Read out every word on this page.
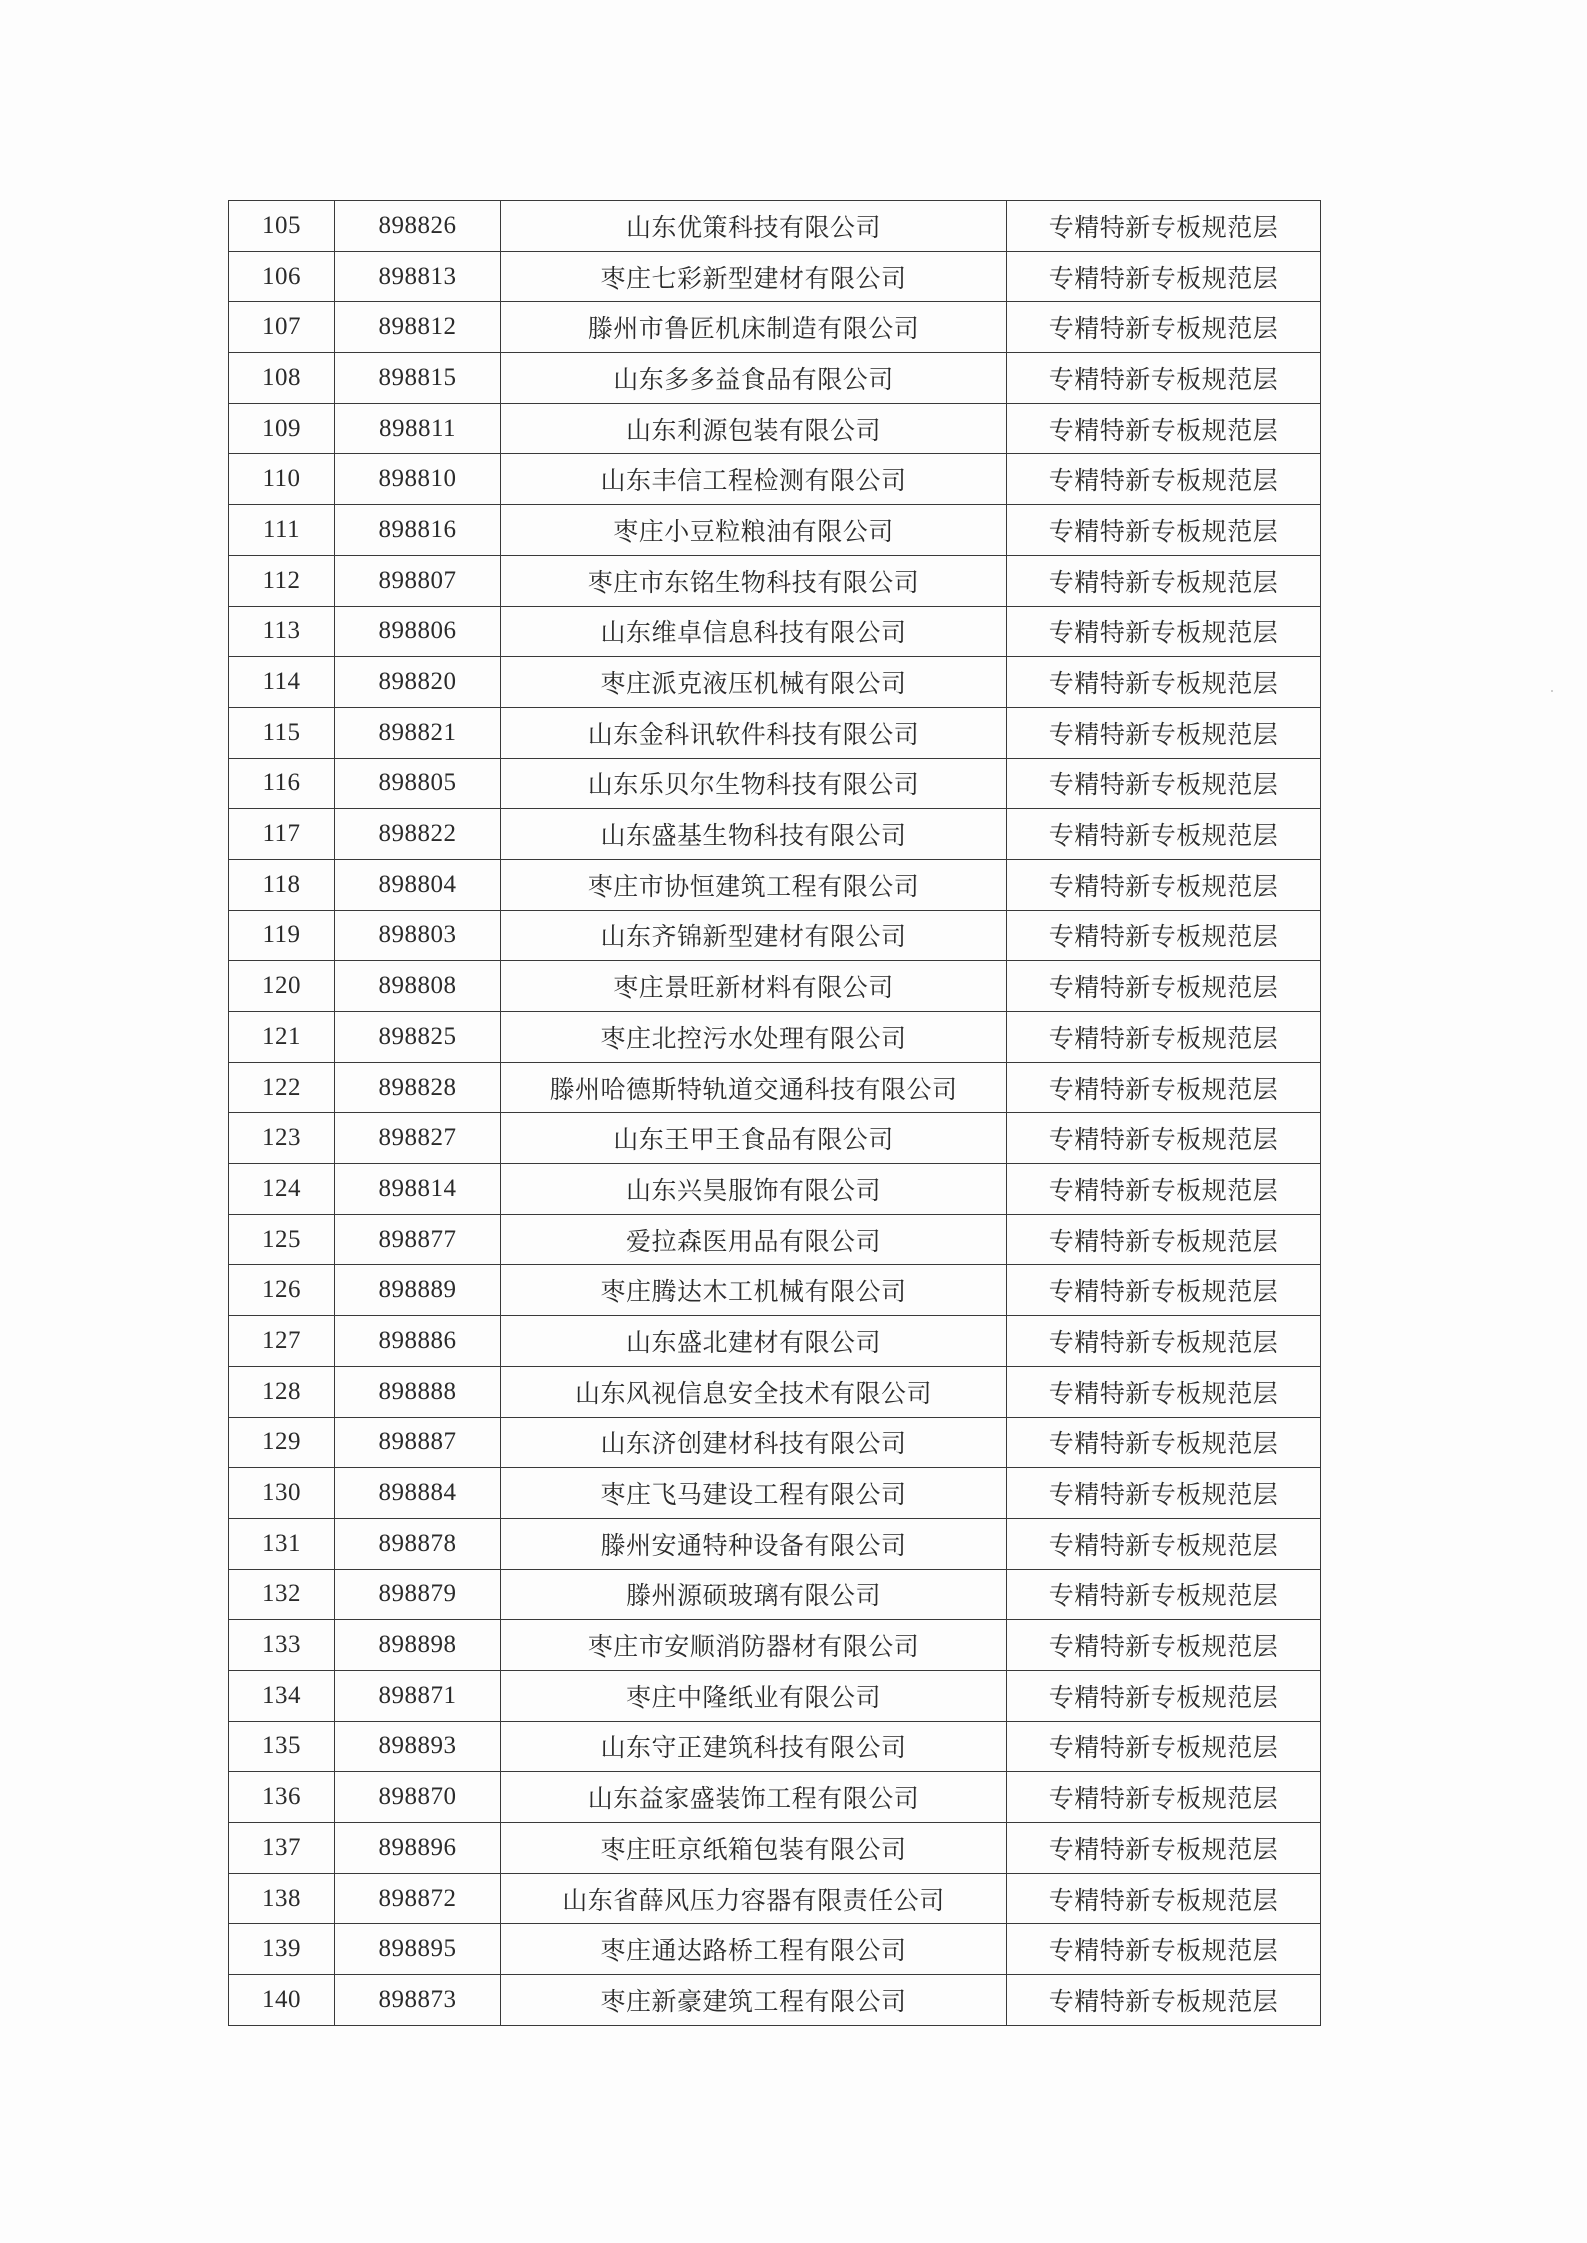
105	898826	山东优策科技有限公司	专精特新专板规范层
106	898813	枣庄七彩新型建材有限公司	专精特新专板规范层
107	898812	滕州市鲁匠机床制造有限公司	专精特新专板规范层
108	898815	山东多多益食品有限公司	专精特新专板规范层
109	898811	山东利源包装有限公司	专精特新专板规范层
110	898810	山东丰信工程检测有限公司	专精特新专板规范层
111	898816	枣庄小豆粒粮油有限公司	专精特新专板规范层
112	898807	枣庄市东铭生物科技有限公司	专精特新专板规范层
113	898806	山东维卓信息科技有限公司	专精特新专板规范层
114	898820	枣庄派克液压机械有限公司	专精特新专板规范层
115	898821	山东金科讯软件科技有限公司	专精特新专板规范层
116	898805	山东乐贝尔生物科技有限公司	专精特新专板规范层
117	898822	山东盛基生物科技有限公司	专精特新专板规范层
118	898804	枣庄市协恒建筑工程有限公司	专精特新专板规范层
119	898803	山东齐锦新型建材有限公司	专精特新专板规范层
120	898808	枣庄景旺新材料有限公司	专精特新专板规范层
121	898825	枣庄北控污水处理有限公司	专精特新专板规范层
122	898828	滕州哈德斯特轨道交通科技有限公司	专精特新专板规范层
123	898827	山东王甲王食品有限公司	专精特新专板规范层
124	898814	山东兴昊服饰有限公司	专精特新专板规范层
125	898877	爱拉森医用品有限公司	专精特新专板规范层
126	898889	枣庄腾达木工机械有限公司	专精特新专板规范层
127	898886	山东盛北建材有限公司	专精特新专板规范层
128	898888	山东风视信息安全技术有限公司	专精特新专板规范层
129	898887	山东济创建材科技有限公司	专精特新专板规范层
130	898884	枣庄飞马建设工程有限公司	专精特新专板规范层
131	898878	滕州安通特种设备有限公司	专精特新专板规范层
132	898879	滕州源硕玻璃有限公司	专精特新专板规范层
133	898898	枣庄市安顺消防器材有限公司	专精特新专板规范层
134	898871	枣庄中隆纸业有限公司	专精特新专板规范层
135	898893	山东守正建筑科技有限公司	专精特新专板规范层
136	898870	山东益家盛装饰工程有限公司	专精特新专板规范层
137	898896	枣庄旺京纸箱包装有限公司	专精特新专板规范层
138	898872	山东省薛风压力容器有限责任公司	专精特新专板规范层
139	898895	枣庄通达路桥工程有限公司	专精特新专板规范层
140	898873	枣庄新豪建筑工程有限公司	专精特新专板规范层
